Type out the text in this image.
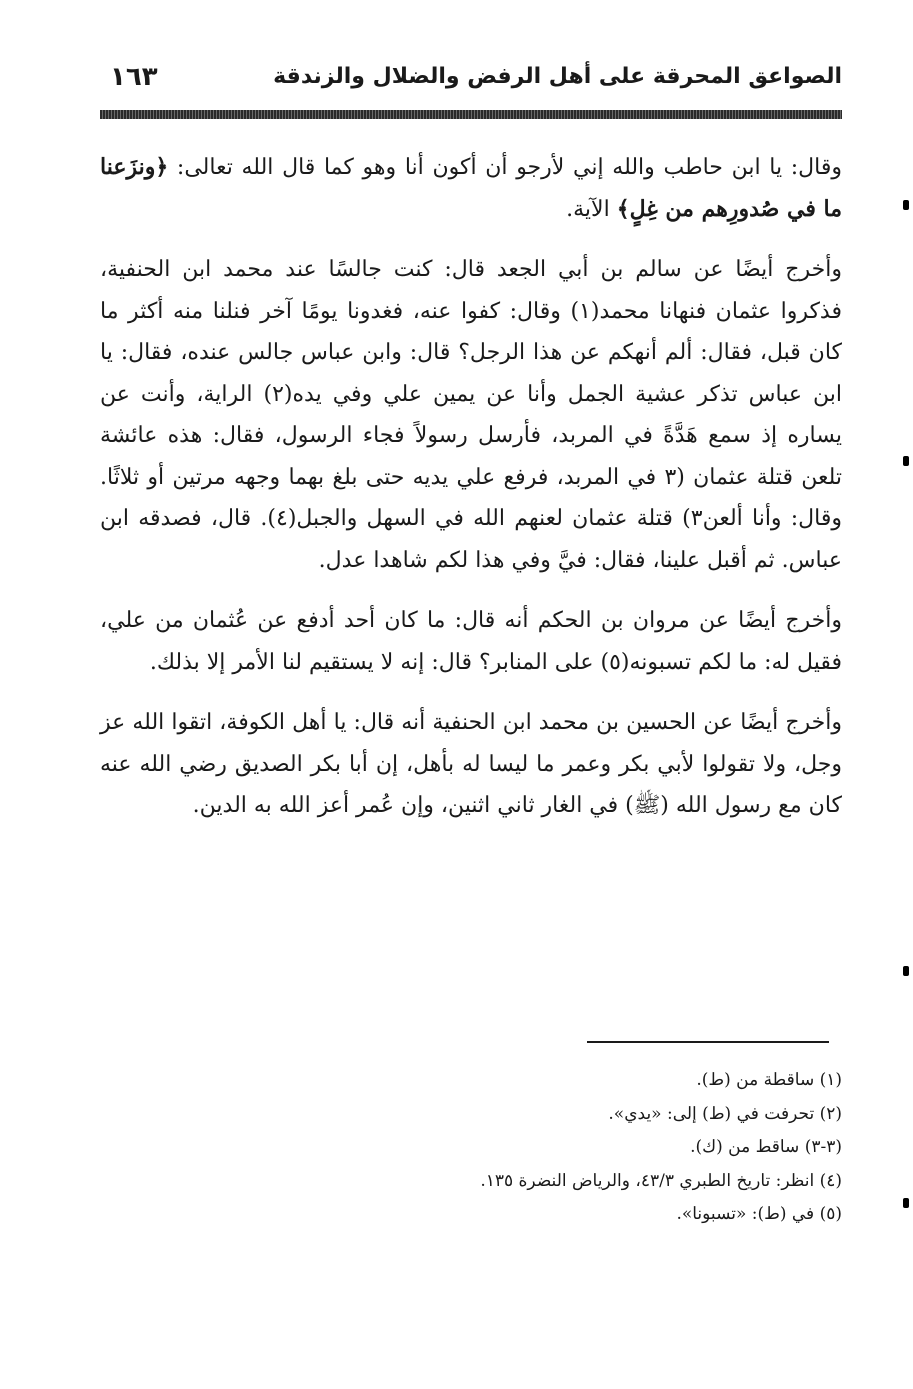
الصواعق المحرقة على أهل الرفض والضلال والزندقة
١٦٣

وقال: يا ابن حاطب والله إني لأرجو أن أكون أنا وهو كما قال الله تعالى: ﴿ونزَعنا ما في صُدورِهم من غِلٍ﴾ الآية.

وأخرج أيضًا عن سالم بن أبي الجعد قال: كنت جالسًا عند محمد ابن الحنفية، فذكروا عثمان فنهانا محمد(١) وقال: كفوا عنه، فغدونا يومًا آخر فنلنا منه أكثر ما كان قبل، فقال: ألم أنهكم عن هذا الرجل؟ قال: وابن عباس جالس عنده، فقال: يا ابن عباس تذكر عشية الجمل وأنا عن يمين علي وفي يده(٢) الراية، وأنت عن يساره إذ سمع هَدَّةً في المربد، فأرسل رسولاً فجاء الرسول، فقال: هذه عائشة تلعن قتلة عثمان (٣ في المربد، فرفع علي يديه حتى بلغ بهما وجهه مرتين أو ثلاثًا. وقال: وأنا ألعن٣) قتلة عثمان لعنهم الله في السهل والجبل(٤). قال، فصدقه ابن عباس. ثم أقبل علينا، فقال: فيَّ وفي هذا لكم شاهدا عدل.

وأخرج أيضًا عن مروان بن الحكم أنه قال: ما كان أحد أدفع عن عُثمان من علي، فقيل له: ما لكم تسبونه(٥) على المنابر؟ قال: إنه لا يستقيم لنا الأمر إلا بذلك.

وأخرج أيضًا عن الحسين بن محمد ابن الحنفية أنه قال: يا أهل الكوفة، اتقوا الله عز وجل، ولا تقولوا لأبي بكر وعمر ما ليسا له بأهل، إن أبا بكر الصديق رضي الله عنه كان مع رسول الله (ﷺ) في الغار ثاني اثنين، وإن عُمر أعز الله به الدين.

(١) ساقطة من (ط).

(٢) تحرفت في (ط) إلى: «يدي».

(٣-٣) ساقط من (ك).

(٤) انظر: تاريخ الطبري ٤٣/٣، والرياض النضرة ١٣٥.

(٥) في (ط): «تسبونا».
